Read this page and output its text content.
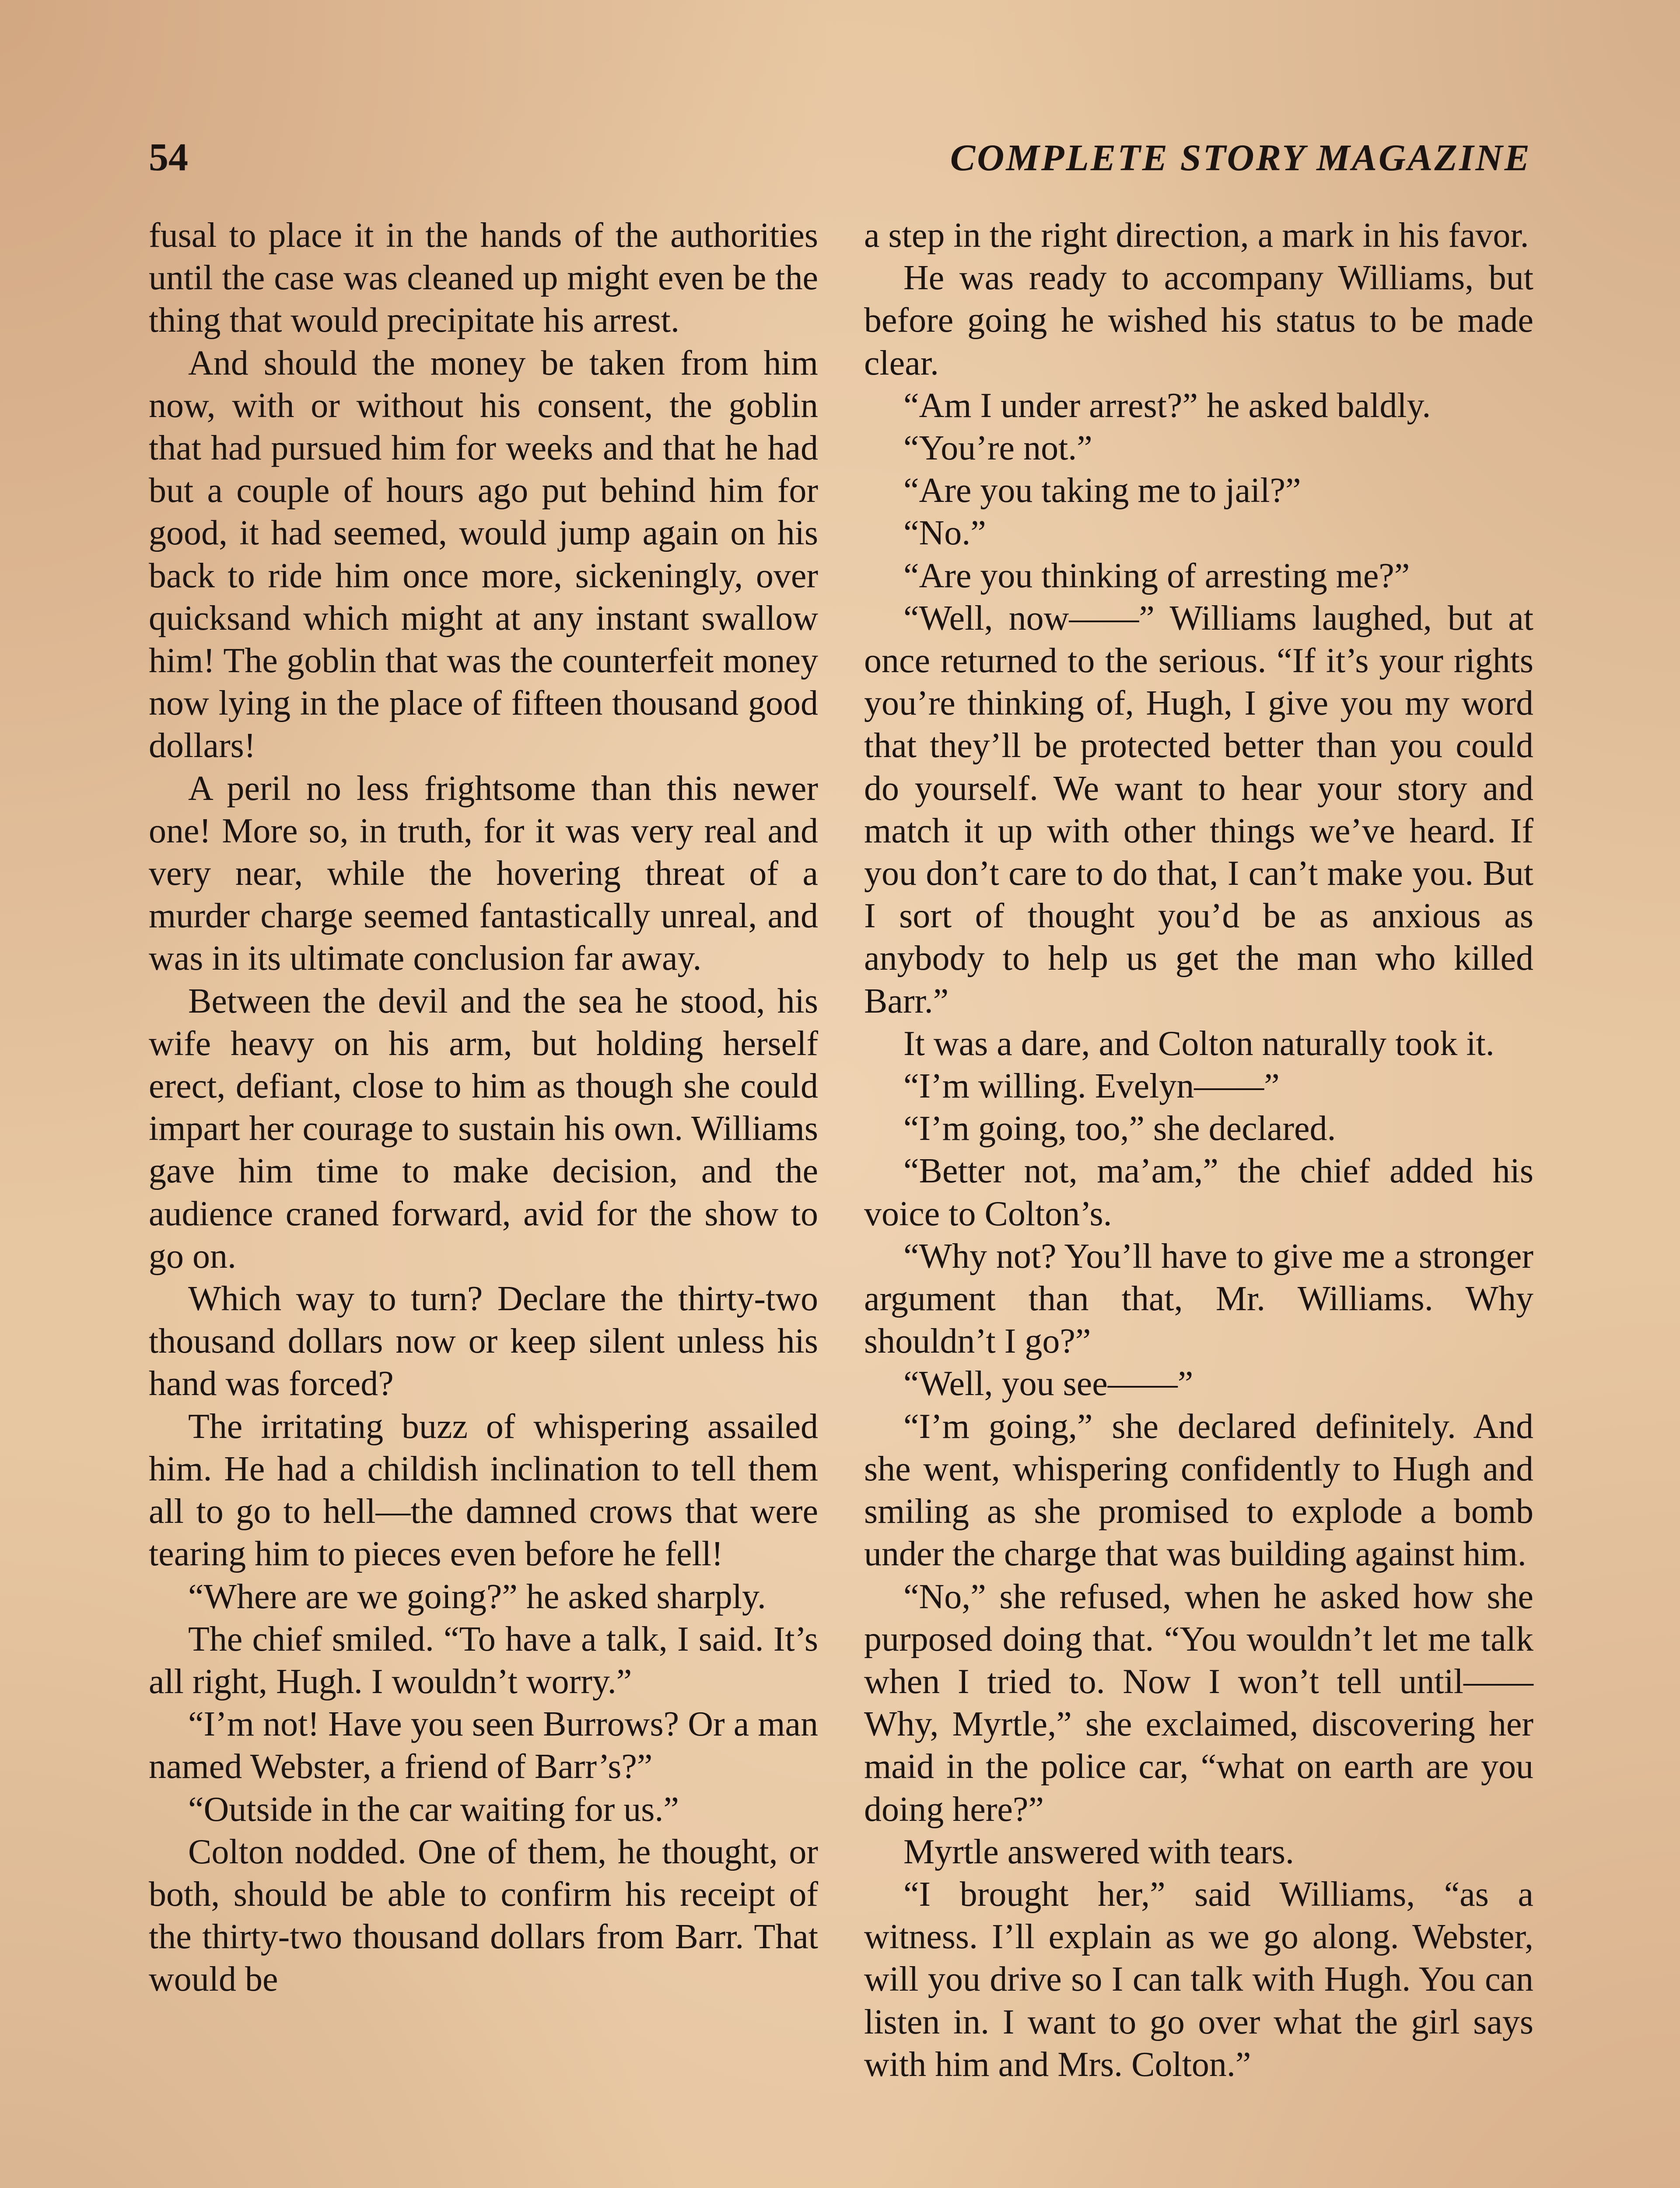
54	COMPLETE STORY MAGAZINE

fusal to place it in the hands of the authorities until the case was cleaned up might even be the thing that would precipitate his arrest.

And should the money be taken from him now, with or without his consent, the goblin that had pursued him for weeks and that he had but a couple of hours ago put behind him for good, it had seemed, would jump again on his back to ride him once more, sickeningly, over quicksand which might at any instant swallow him! The goblin that was the counterfeit money now lying in the place of fifteen thousand good dollars!

A peril no less frightsome than this newer one! More so, in truth, for it was very real and very near, while the hovering threat of a murder charge seemed fantastically unreal, and was in its ultimate conclusion far away.

Between the devil and the sea he stood, his wife heavy on his arm, but holding herself erect, defiant, close to him as though she could impart her courage to sustain his own. Williams gave him time to make decision, and the audience craned forward, avid for the show to go on.

Which way to turn? Declare the thirty-two thousand dollars now or keep silent unless his hand was forced?

The irritating buzz of whispering assailed him. He had a childish inclination to tell them all to go to hell—the damned crows that were tearing him to pieces even before he fell!

“Where are we going?” he asked sharply.

The chief smiled. “To have a talk, I said. It’s all right, Hugh. I wouldn’t worry.”

“I’m not! Have you seen Burrows? Or a man named Webster, a friend of Barr’s?”

“Outside in the car waiting for us.”

Colton nodded. One of them, he thought, or both, should be able to confirm his receipt of the thirty-two thousand dollars from Barr. That would be

a step in the right direction, a mark in his favor.

He was ready to accompany Williams, but before going he wished his status to be made clear.

“Am I under arrest?” he asked baldly.

“You’re not.”

“Are you taking me to jail?”

“No.”

“Are you thinking of arresting me?”

“Well, now——” Williams laughed, but at once returned to the serious. “If it’s your rights you’re thinking of, Hugh, I give you my word that they’ll be protected better than you could do yourself. We want to hear your story and match it up with other things we’ve heard. If you don’t care to do that, I can’t make you. But I sort of thought you’d be as anxious as anybody to help us get the man who killed Barr.”

It was a dare, and Colton naturally took it.

“I’m willing. Evelyn——”

“I’m going, too,” she declared.

“Better not, ma’am,” the chief added his voice to Colton’s.

“Why not? You’ll have to give me a stronger argument than that, Mr. Williams. Why shouldn’t I go?”

“Well, you see——”

“I’m going,” she declared definitely. And she went, whispering confidently to Hugh and smiling as she promised to explode a bomb under the charge that was building against him.

“No,” she refused, when he asked how she purposed doing that. “You wouldn’t let me talk when I tried to. Now I won’t tell until—— Why, Myrtle,” she exclaimed, discovering her maid in the police car, “what on earth are you doing here?”

Myrtle answered with tears.

“I brought her,” said Williams, “as a witness. I’ll explain as we go along. Webster, will you drive so I can talk with Hugh. You can listen in. I want to go over what the girl says with him and Mrs. Colton.”
